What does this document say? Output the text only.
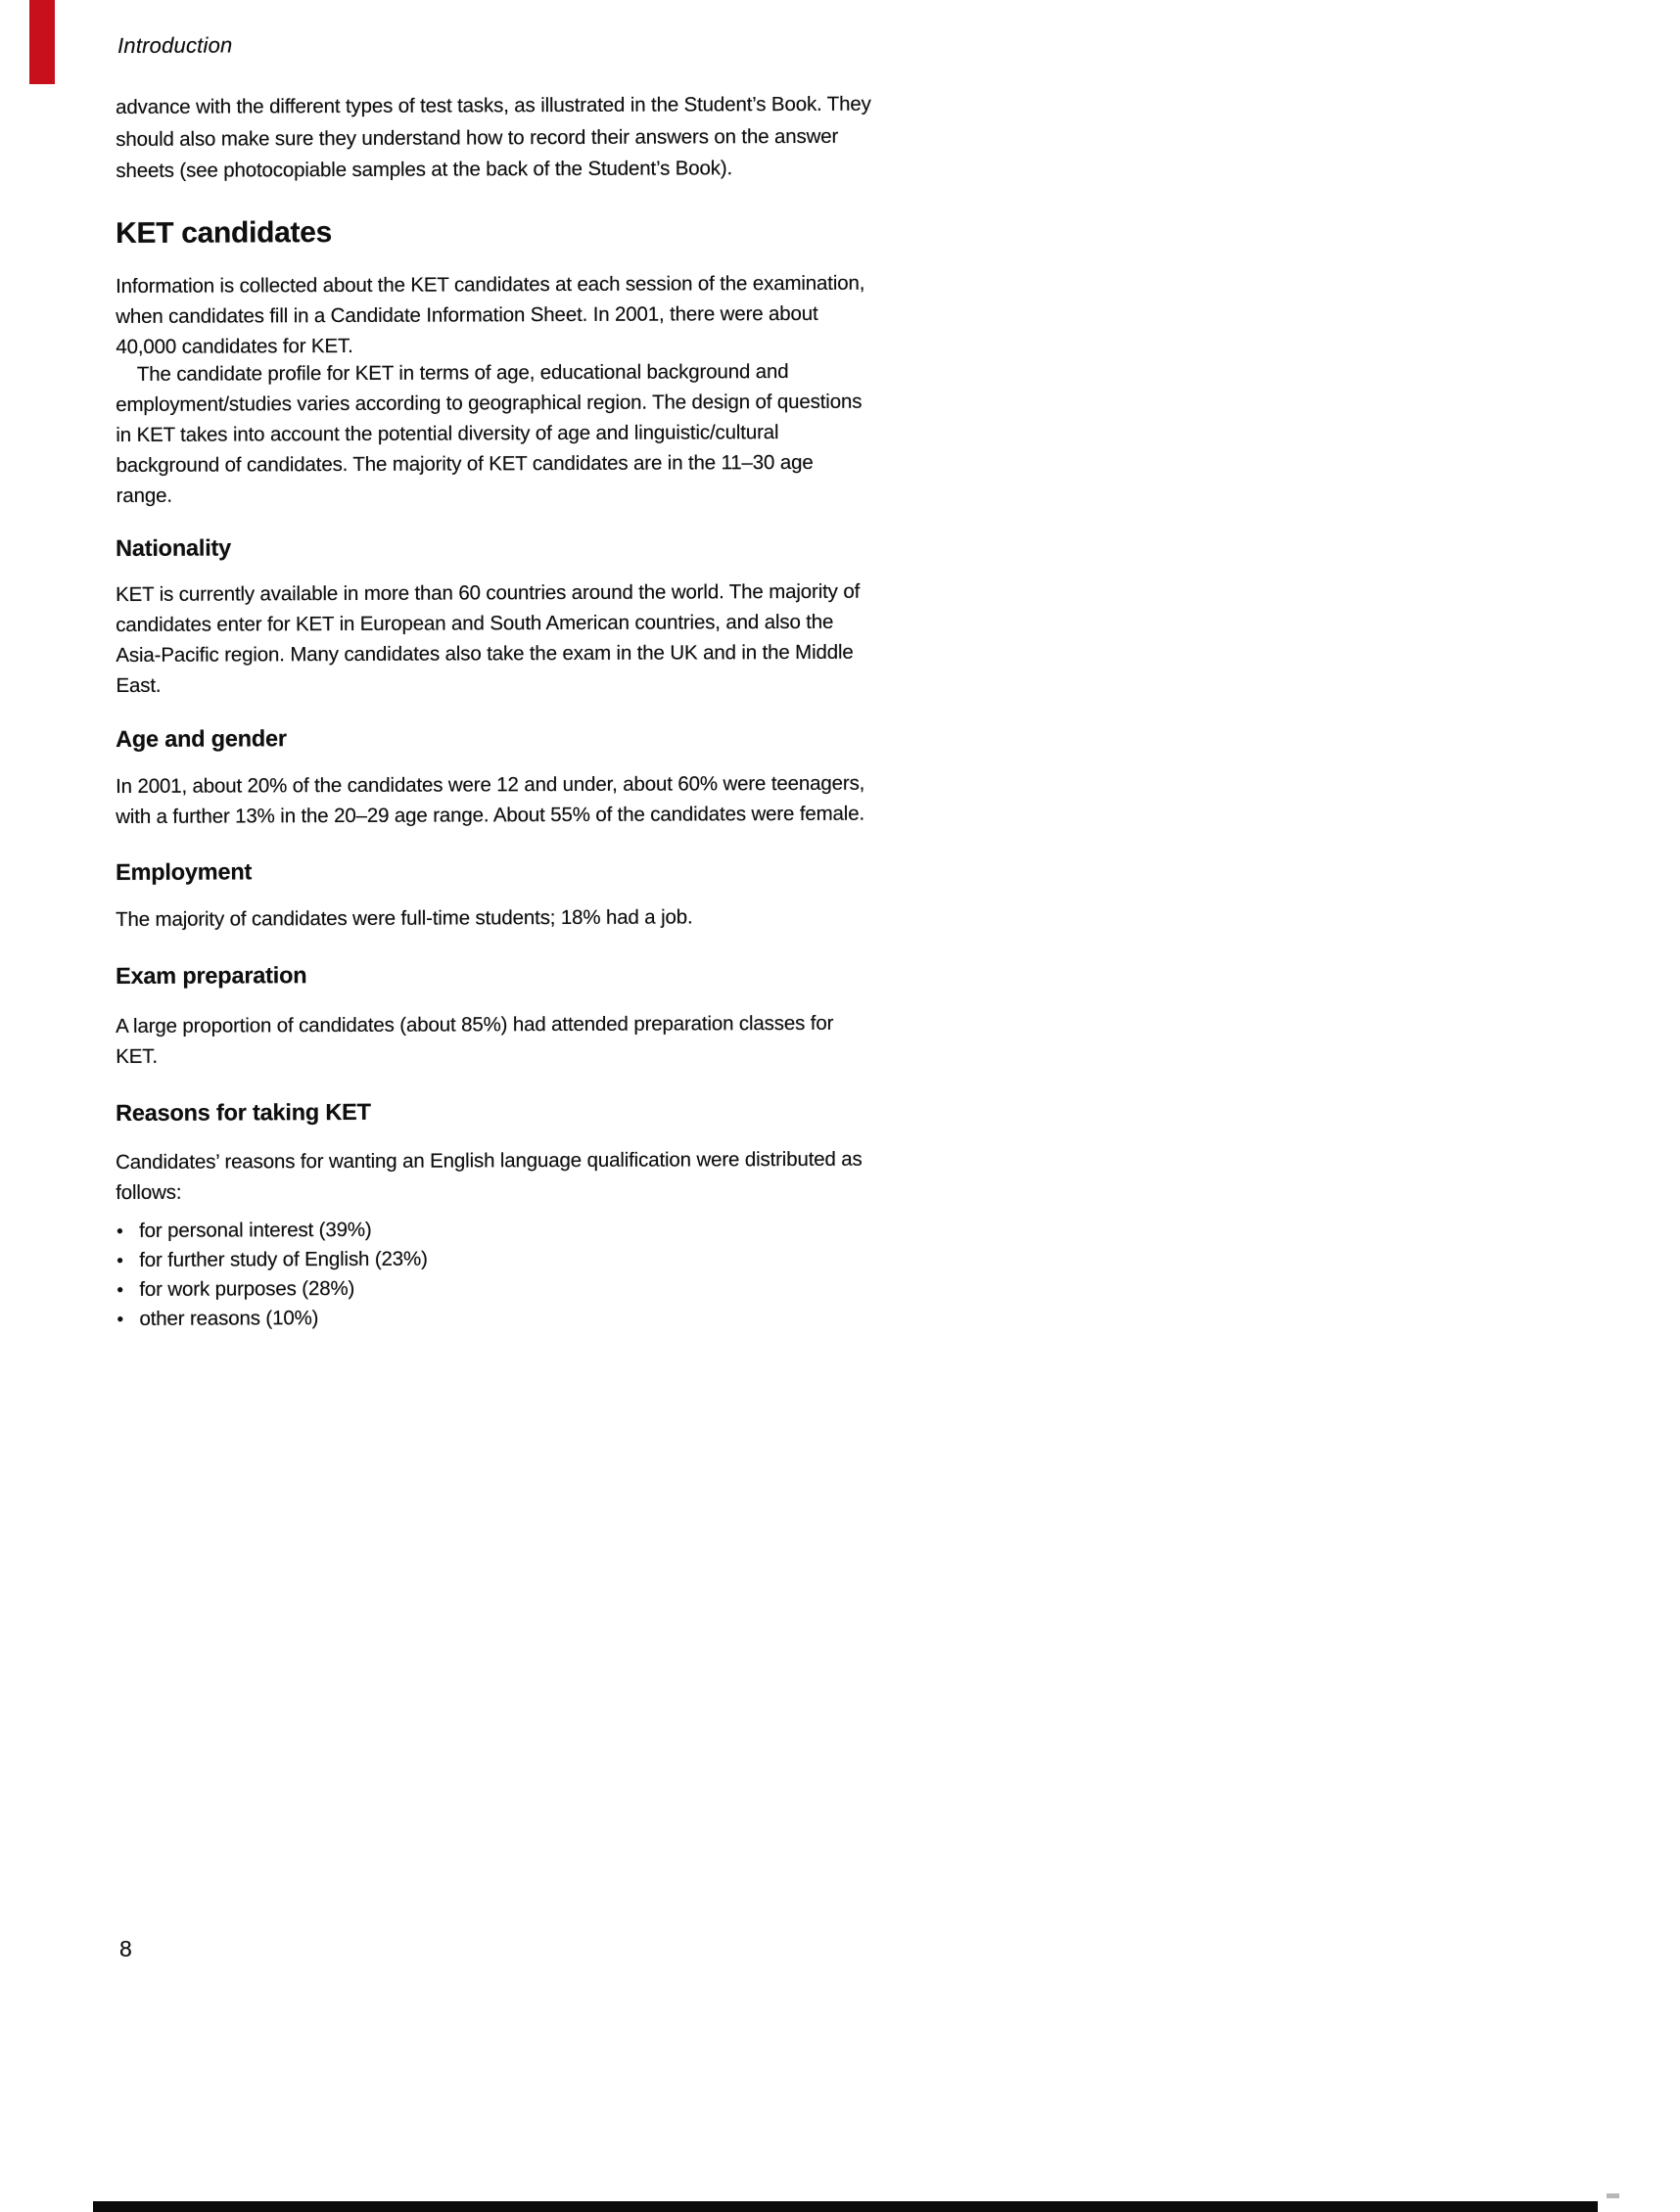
Introduction
advance with the different types of test tasks, as illustrated in the Student’s Book. They
should also make sure they understand how to record their answers on the answer
sheets (see photocopiable samples at the back of the Student’s Book).
KET candidates
Information is collected about the KET candidates at each session of the examination,
when candidates fill in a Candidate Information Sheet. In 2001, there were about
40,000 candidates for KET.
The candidate profile for KET in terms of age, educational background and
employment/studies varies according to geographical region. The design of questions
in KET takes into account the potential diversity of age and linguistic/cultural
background of candidates. The majority of KET candidates are in the 11–30 age
range.
Nationality
KET is currently available in more than 60 countries around the world. The majority of
candidates enter for KET in European and South American countries, and also the
Asia-Pacific region. Many candidates also take the exam in the UK and in the Middle
East.
Age and gender
In 2001, about 20% of the candidates were 12 and under, about 60% were teenagers,
with a further 13% in the 20–29 age range. About 55% of the candidates were female.
Employment
The majority of candidates were full-time students; 18% had a job.
Exam preparation
A large proportion of candidates (about 85%) had attended preparation classes for
KET.
Reasons for taking KET
Candidates’ reasons for wanting an English language qualification were distributed as
follows:
• for personal interest (39%)
• for further study of English (23%)
• for work purposes (28%)
• other reasons (10%)
8
